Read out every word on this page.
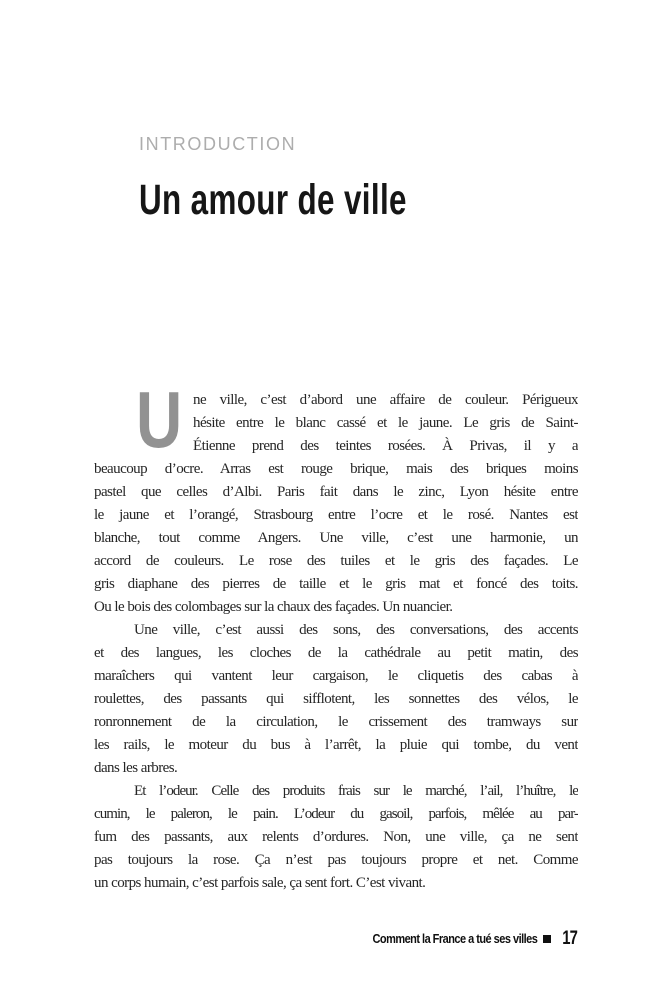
INTRODUCTION
Un amour de ville
U ne ville, c’est d’abord une affaire de couleur. Périgueux
hésite entre le blanc cassé et le jaune. Le gris de Saint-
Étienne prend des teintes rosées. À Privas, il y a
beaucoup d’ocre. Arras est rouge brique, mais des briques moins
pastel que celles d’Albi. Paris fait dans le zinc, Lyon hésite entre
le jaune et l’orangé, Strasbourg entre l’ocre et le rosé. Nantes est
blanche, tout comme Angers. Une ville, c’est une harmonie, un
accord de couleurs. Le rose des tuiles et le gris des façades. Le
gris diaphane des pierres de taille et le gris mat et foncé des toits.
Ou le bois des colombages sur la chaux des façades. Un nuancier.
Une ville, c’est aussi des sons, des conversations, des accents
et des langues, les cloches de la cathédrale au petit matin, des
maraîchers qui vantent leur cargaison, le cliquetis des cabas à
roulettes, des passants qui sifflotent, les sonnettes des vélos, le
ronronnement de la circulation, le crissement des tramways sur
les rails, le moteur du bus à l’arrêt, la pluie qui tombe, du vent
dans les arbres.
Et l’odeur. Celle des produits frais sur le marché, l’ail, l’huître, le
cumin, le paleron, le pain. L’odeur du gasoil, parfois, mêlée au par-
fum des passants, aux relents d’ordures. Non, une ville, ça ne sent
pas toujours la rose. Ça n’est pas toujours propre et net. Comme
un corps humain, c’est parfois sale, ça sent fort. C’est vivant.
Comment la France a tué ses villes 17
